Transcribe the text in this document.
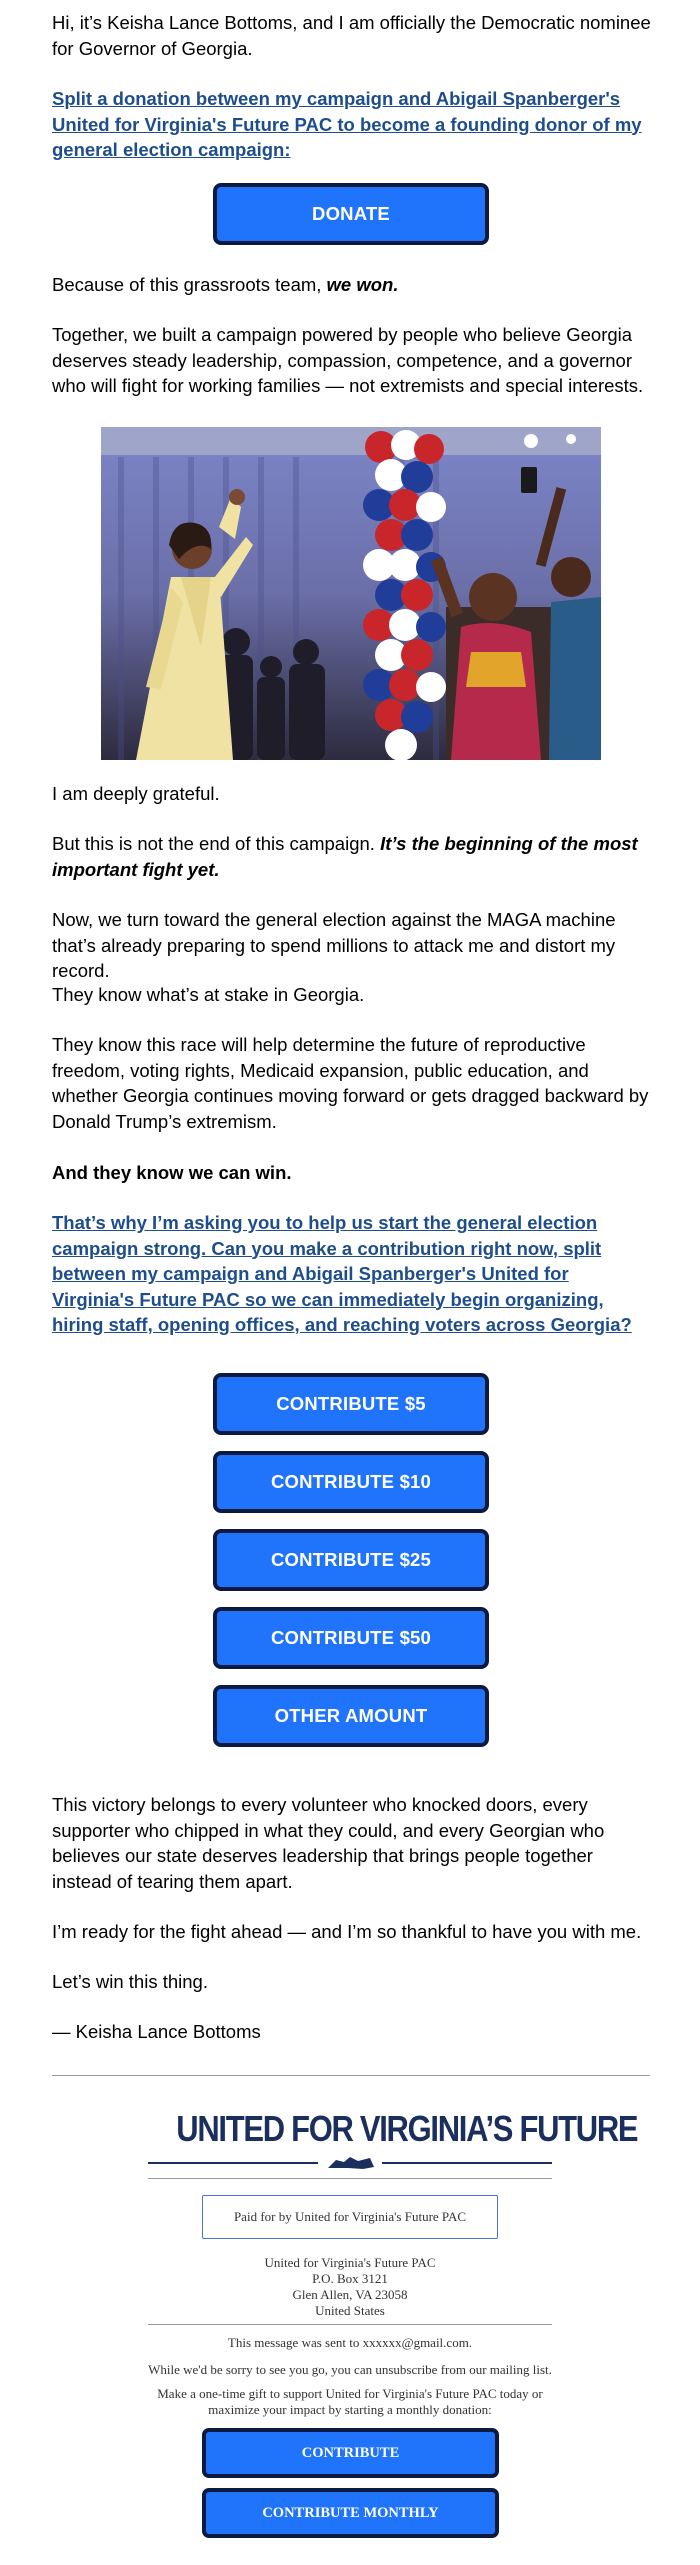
Hi, it’s Keisha Lance Bottoms, and I am officially the Democratic nominee for Governor of Georgia.

Split a donation between my campaign and Abigail Spanberger's United for Virginia's Future PAC to become a founding donor of my general election campaign:
DONATE

Because of this grassroots team, we won.

Together, we built a campaign powered by people who believe Georgia deserves steady leadership, compassion, competence, and a governor who will fight for working families — not extremists and special interests.

I am deeply grateful.

But this is not the end of this campaign. It’s the beginning of the most important fight yet.

Now, we turn toward the general election against the MAGA machine that’s already preparing to spend millions to attack me and distort my record.

They know what’s at stake in Georgia.

They know this race will help determine the future of reproductive freedom, voting rights, Medicaid expansion, public education, and whether Georgia continues moving forward or gets dragged backward by Donald Trump’s extremism.

And they know we can win.

That’s why I’m asking you to help us start the general election campaign strong. Can you make a contribution right now, split between my campaign and Abigail Spanberger's United for Virginia's Future PAC so we can immediately begin organizing, hiring staff, opening offices, and reaching voters across Georgia?
CONTRIBUTE $5
CONTRIBUTE $10
CONTRIBUTE $25
CONTRIBUTE $50
OTHER AMOUNT

This victory belongs to every volunteer who knocked doors, every supporter who chipped in what they could, and every Georgian who believes our state deserves leadership that brings people together instead of tearing them apart.

I’m ready for the fight ahead — and I’m so thankful to have you with me.

Let’s win this thing.

— Keisha Lance Bottoms

UNITED FOR VIRGINIA’S FUTURE
Paid for by United for Virginia's Future PAC
United for Virginia's Future PAC
P.O. Box 3121
Glen Allen, VA 23058
United States
This message was sent to xxxxxx@gmail.com.
While we'd be sorry to see you go, you can unsubscribe from our mailing list.
Make a one-time gift to support United for Virginia's Future PAC today or maximize your impact by starting a monthly donation:
CONTRIBUTE
CONTRIBUTE MONTHLY
